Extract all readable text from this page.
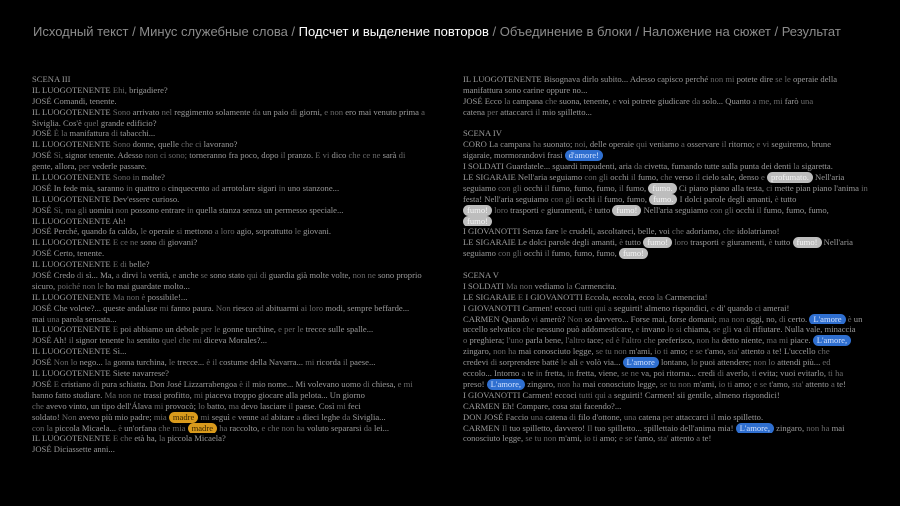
Исходный текст / Минус служебные слова / Подсчет и выделение повторов / Объединение в блоки / Наложение на сюжет / Результат
SCENA III
IL LUOGOTENENTE Ehi, brigadiere?
JOSÉ Comandi, tenente.
IL LUOGOTENENTE Sono arrivato nel reggimento solamente da un paio di giorni, e non ero mai venuto prima a
Siviglia. Cos'è quel grande edificio?
JOSÉ È la manifattura di tabacchi...
IL LUOGOTENENTE Sono donne, quelle che ci lavorano?
JOSÉ Sì, signor tenente. Adesso non ci sono; torneranno fra poco, dopo il pranzo. E vi dico che ce ne sarà di
gente, allora, per vederle passare.
IL LUOGOTENENTE Sono in molte?
JOSÉ In fede mia, saranno in quattro o cinquecento ad arrotolare sigari in uno stanzone...
IL LUOGOTENENTE Dev'essere curioso.
JOSÉ Sì, ma gli uomini non possono entrare in quella stanza senza un permesso speciale...
IL LUOGOTENENTE Ah!
JOSÉ Perché, quando fa caldo, le operaie si mettono a loro agio, soprattutto le giovani.
IL LUOGOTENENTE E ce ne sono di giovani?
JOSÉ Certo, tenente.
IL LUOGOTENENTE E di belle?
JOSÉ Credo di sì... Ma, a dirvi la verità, e anche se sono stato qui di guardia già molte volte, non ne sono proprio
sicuro, poiché non le ho mai guardate molto...
IL LUOGOTENENTE Ma non è possibile!...
JOSÉ Che volete?... queste andaluse mi fanno paura. Non riesco ad abituarmi ai loro modi, sempre beffarde...
mai una parola sensata...
IL LUOGOTENENTE E poi abbiamo un debole per le gonne turchine, e per le trecce sulle spalle...
JOSÉ Ah! il signor tenente ha sentito quel che mi diceva Morales?...
IL LUOGOTENENTE Sì...
JOSÉ Non lo nego... la gonna turchina, le trecce... è il costume della Navarra... mi ricorda il paese...
IL LUOGOTENENTE Siete navarrese?
JOSÉ E cristiano di pura schiatta. Don José Lizzarrabengoa è il mio nome... Mi volevano uomo di chiesa, e mi
hanno fatto studiare. Ma non ne trassi profitto, mi piaceva troppo giocare alla pelota... Un giorno
che avevo vinto, un tipo dell'Álava mi provocò; lo batto, ma devo lasciare il paese. Così mi feci
soldato! Non avevo più mio padre; mia madre mi seguì e venne ad abitare a dieci leghe da Siviglia...
con la piccola Micaela... è un'orfana che mia madre ha raccolto, e che non ha voluto separarsi da lei...
IL LUOGOTENENTE E che età ha, la piccola Micaela?
JOSÉ Diciassette anni...
IL LUOGOTENENTE Bisognava dirlo subito... Adesso capisco perché non mi potete dire se le operaie della
manifattura sono carine oppure no...
JOSÉ Ecco la campana che suona, tenente, e voi potrete giudicare da solo... Quanto a me, mi farò una
catena per attaccarci il mio spilletto...
SCENA IV
CORO La campana ha suonato; noi, delle operaie qui veniamo a osservare il ritorno; e vi seguiremo, brune
sigaraie, mormorandovi frasi d'amore!
I SOLDATI Guardatele... sguardi impudenti, aria da civetta, fumando tutte sulla punta dei denti la sigaretta.
LE SIGARAIE Nell'aria seguiamo con gli occhi il fumo, che verso il cielo sale, denso e profumato. Nell'aria
seguiamo con gli occhi il fumo, fumo, fumo, il fumo, fumo. Ci piano piano alla testa, ci mette pian piano l'anima in
festa! Nell'aria seguiamo con gli occhi il fumo, fumo, fumo. I dolci parole degli amanti, è tutto
fumo! loro trasporti e giuramenti, è tutto fumo! Nell'aria seguiamo con gli occhi il fumo, fumo, fumo,
fumo!
I GIOVANOTTI Senza fare le crudeli, ascoltateci, belle, voi che adoriamo, che idolatriamo!
LE SIGARAIE Le dolci parole degli amanti, è tutto fumo! loro trasporti e giuramenti, è tutto fumo! Nell'aria
seguiamo con gli occhi il fumo, fumo, fumo, fumo!
SCENA V
I SOLDATI Ma non vediamo la Carmencita.
LE SIGARAIE E I GIOVANOTTI Eccola, eccola, ecco la Carmencita!
I GIOVANOTTI Carmen! eccoci tutti qui a seguirti! almeno rispondici, e di' quando ci amerai!
CARMEN Quando vi amerò? Non so davvero... Forse mai, forse domani; ma non oggi, no, di certo. L'amore è un
uccello selvatico che nessuno può addomesticare, e invano lo si chiama, se gli va di rifiutare. Nulla vale, minaccia
o preghiera; l'uno parla bene, l'altro tace; ed è l'altro che preferisco, non ha detto niente, ma mi piace. L'amore,
zingaro, non ha mai conosciuto legge, se tu non m'ami, io ti amo; e se t'amo, sta' attento a te! L'uccello che
credevi di sorprendere batté le ali e volò via... L'amore lontano, lo puoi attendere; non lo attendi più... ed
eccolo... Intorno a te in fretta, in fretta, viene, se ne va, poi ritorna... credi di averlo, ti evita; vuoi evitarlo, ti ha
preso! L'amore, zingaro, non ha mai conosciuto legge, se tu non m'ami, io ti amo; e se t'amo, sta' attento a te!
I GIOVANOTTI Carmen! eccoci tutti qui a seguirti! Carmen! sii gentile, almeno rispondici!
CARMEN Eh! Compare, cosa stai facendo?...
DON JOSÉ Faccio una catena di filo d'ottone, una catena per attaccarci il mio spilletto.
CARMEN Il tuo spilletto, davvero! Il tuo spilletto... spillettaio dell'anima mia! L'amore, zingaro, non ha mai
conosciuto legge, se tu non m'ami, io ti amo; e se t'amo, sta' attento a te!
